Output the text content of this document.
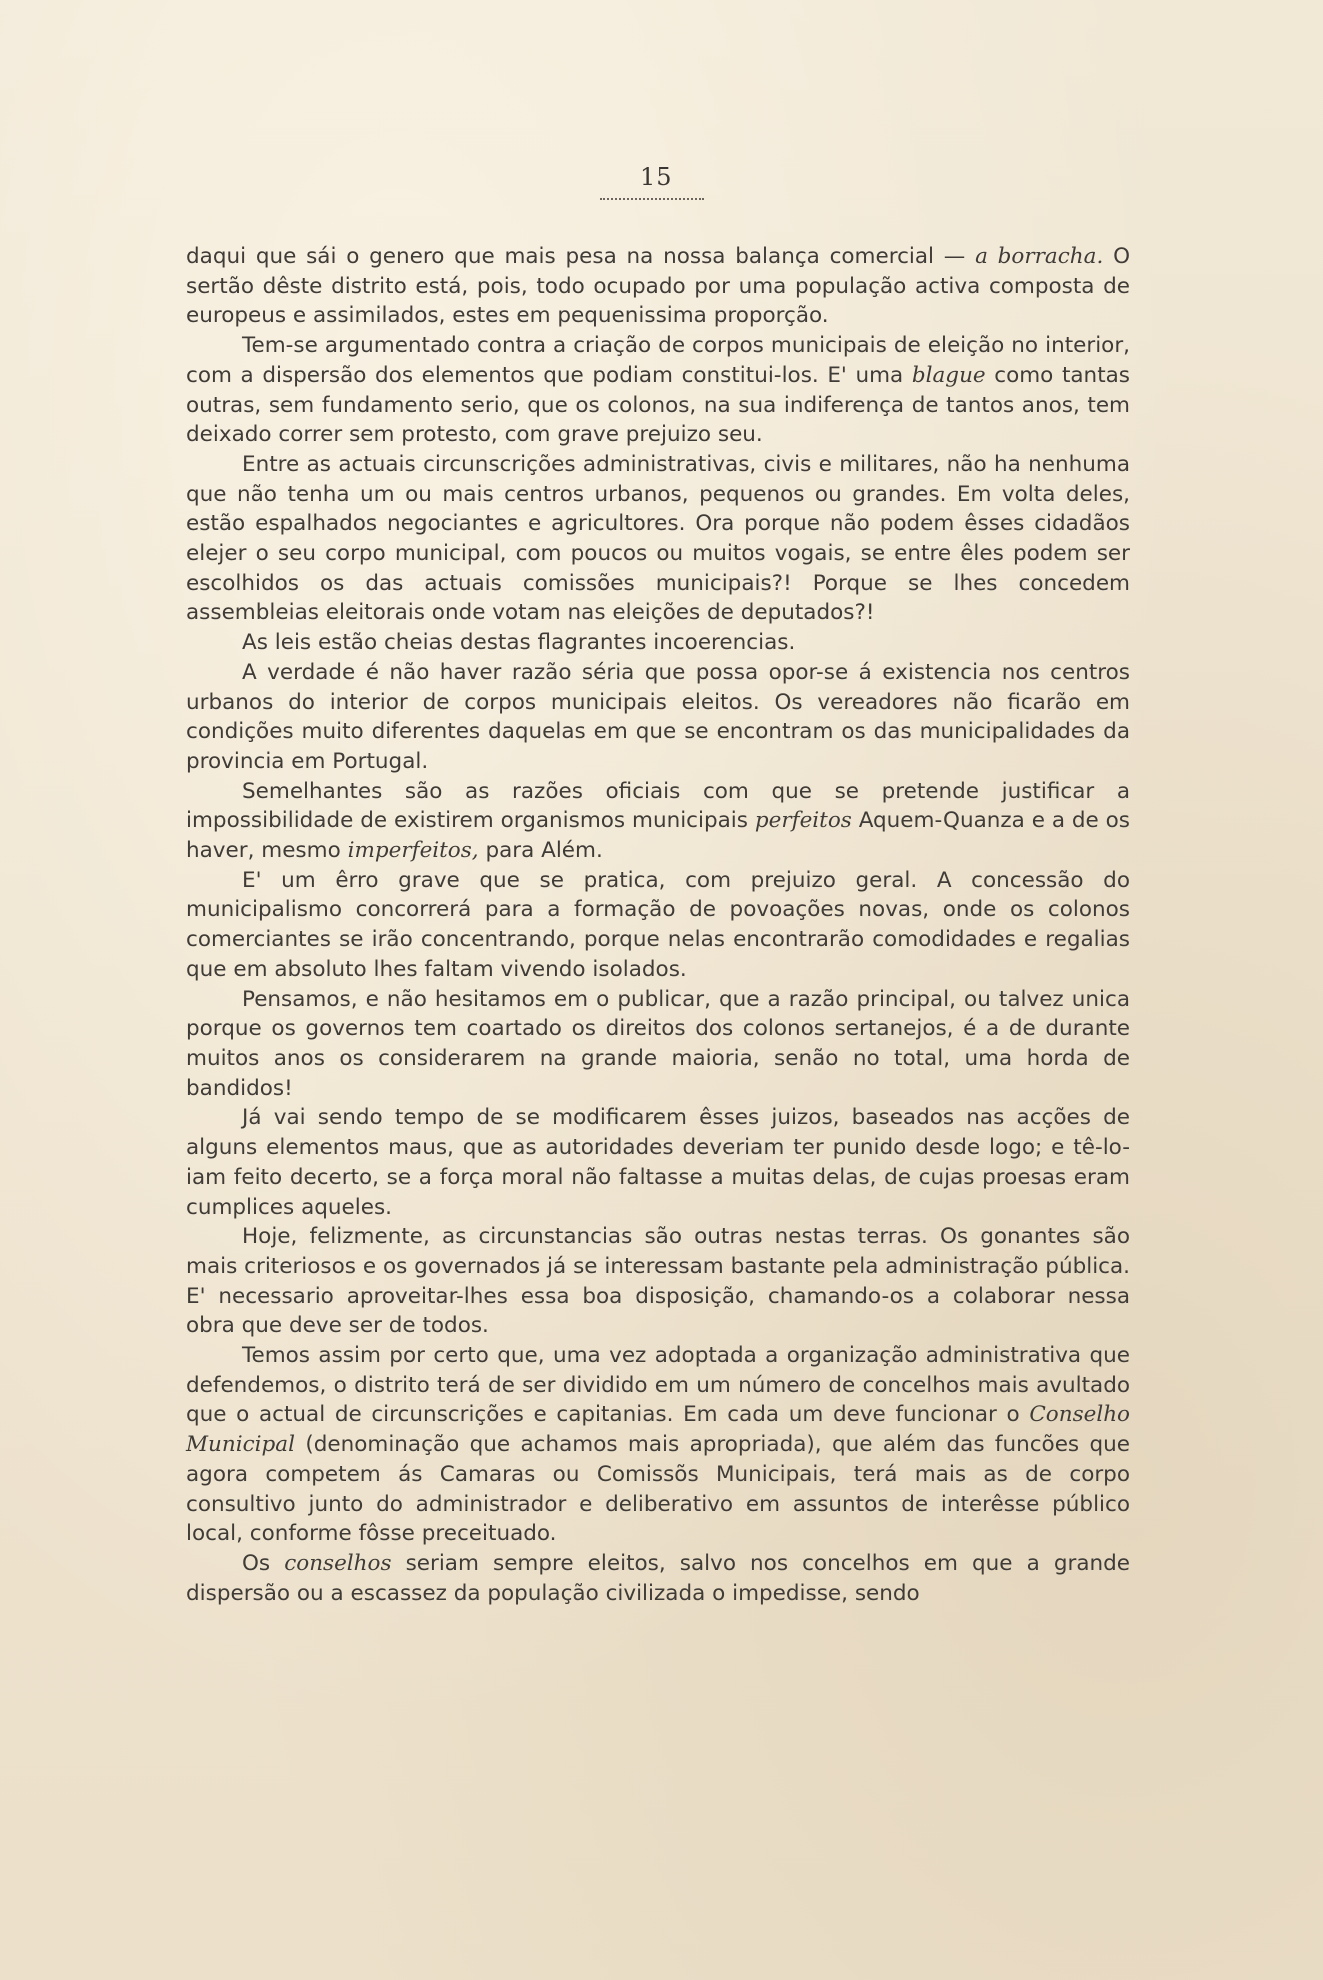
15

daqui que sái o genero que mais pesa na nossa balança comercial — a borracha. O sertão dêste distrito está, pois, todo ocupado por uma população activa composta de europeus e assimilados, estes em pequenissima proporção.

Tem-se argumentado contra a criação de corpos municipais de eleição no interior, com a dispersão dos elementos que podiam constitui-los. E' uma blague como tantas outras, sem fundamento serio, que os colonos, na sua indiferença de tantos anos, tem deixado correr sem protesto, com grave prejuizo seu.

Entre as actuais circunscrições administrativas, civis e militares, não ha nenhuma que não tenha um ou mais centros urbanos, pequenos ou grandes. Em volta deles, estão espalhados negociantes e agricultores. Ora porque não podem êsses cidadãos elejer o seu corpo municipal, com poucos ou muitos vogais, se entre êles podem ser escolhidos os das actuais comissões municipais?! Porque se lhes concedem assembleias eleitorais onde votam nas eleições de deputados?!

As leis estão cheias destas flagrantes incoerencias.

A verdade é não haver razão séria que possa opor-se á existencia nos centros urbanos do interior de corpos municipais eleitos. Os vereadores não ficarão em condições muito diferentes daquelas em que se encontram os das municipalidades da provincia em Portugal.

Semelhantes são as razões oficiais com que se pretende justificar a impossibilidade de existirem organismos municipais perfeitos Aquem-Quanza e a de os haver, mesmo imperfeitos, para Além.

E' um êrro grave que se pratica, com prejuizo geral. A concessão do municipalismo concorrerá para a formação de povoações novas, onde os colonos comerciantes se irão concentrando, porque nelas encontrarão comodidades e regalias que em absoluto lhes faltam vivendo isolados.

Pensamos, e não hesitamos em o publicar, que a razão principal, ou talvez unica porque os governos tem coartado os direitos dos colonos sertanejos, é a de durante muitos anos os considerarem na grande maioria, senão no total, uma horda de bandidos!

Já vai sendo tempo de se modificarem êsses juizos, baseados nas acções de alguns elementos maus, que as autoridades deveriam ter punido desde logo; e tê-lo-iam feito decerto, se a força moral não faltasse a muitas delas, de cujas proesas eram cumplices aqueles.

Hoje, felizmente, as circunstancias são outras nestas terras. Os gonantes são mais criteriosos e os governados já se interessam bastante pela administração pública. E' necessario aproveitar-lhes essa boa disposição, chamando-os a colaborar nessa obra que deve ser de todos.

Temos assim por certo que, uma vez adoptada a organização administrativa que defendemos, o distrito terá de ser dividido em um número de concelhos mais avultado que o actual de circunscrições e capitanias. Em cada um deve funcionar o Conselho Municipal (denominação que achamos mais apropriada), que além das funcões que agora competem ás Camaras ou Comissõs Municipais, terá mais as de corpo consultivo junto do administrador e deliberativo em assuntos de interêsse público local, conforme fôsse preceituado.

Os conselhos seriam sempre eleitos, salvo nos concelhos em que a grande dispersão ou a escassez da população civilizada o impedisse, sendo
